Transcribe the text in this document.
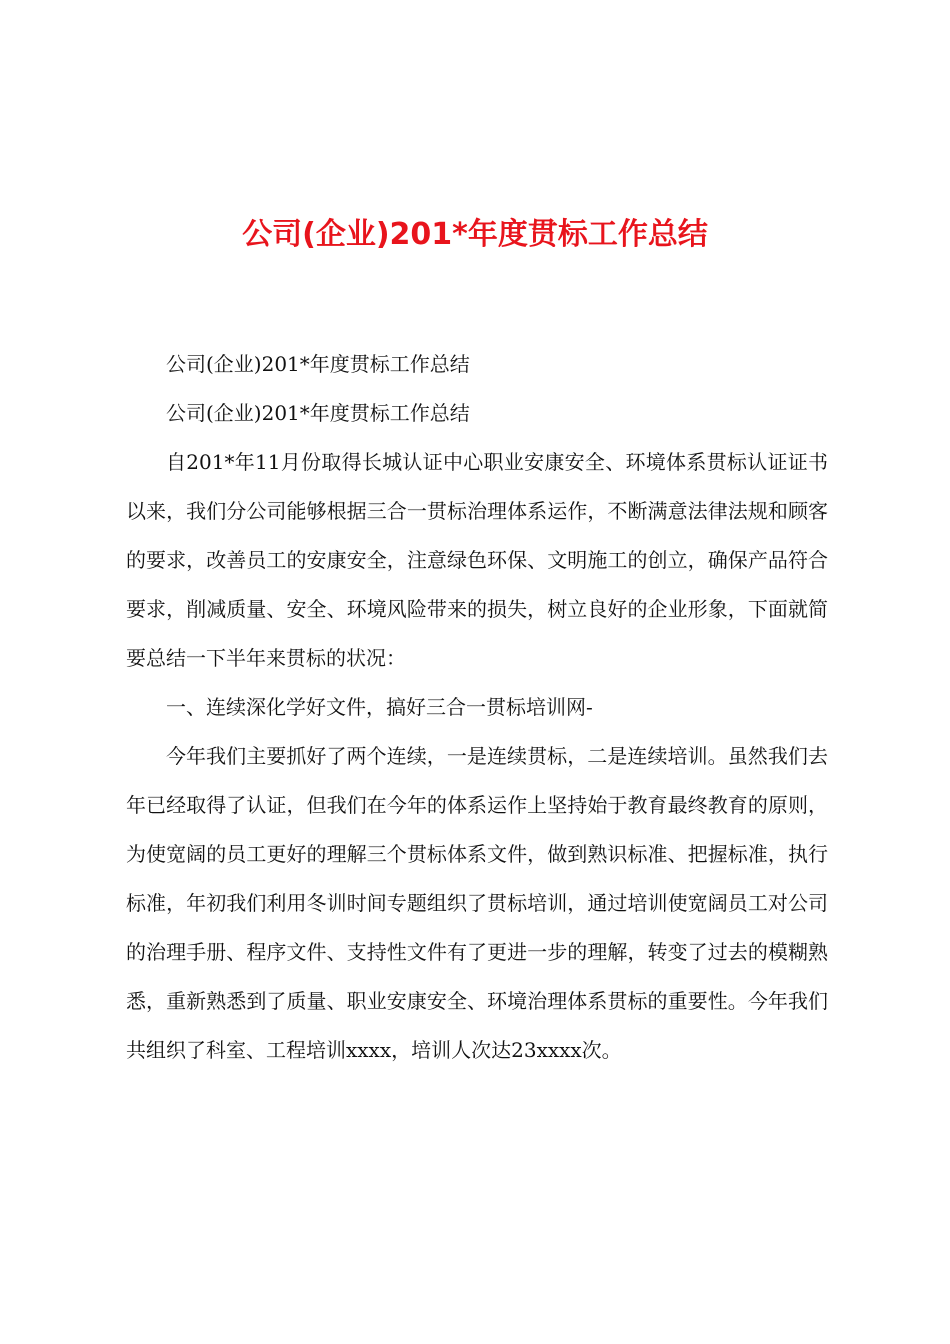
公司(企业)201*年度贯标工作总结

公司(企业)201*年度贯标工作总结

公司(企业)201*年度贯标工作总结

自201*年11月份取得长城认证中心职业安康安全、环境体系贯标认证证书以来，我们分公司能够根据三合一贯标治理体系运作，不断满意法律法规和顾客的要求，改善员工的安康安全，注意绿色环保、文明施工的创立，确保产品符合要求，削减质量、安全、环境风险带来的损失，树立良好的企业形象，下面就简要总结一下半年来贯标的状况：

一、连续深化学好文件，搞好三合一贯标培训网-

今年我们主要抓好了两个连续，一是连续贯标，二是连续培训。虽然我们去年已经取得了认证，但我们在今年的体系运作上坚持始于教育最终教育的原则，为使宽阔的员工更好的理解三个贯标体系文件，做到熟识标准、把握标准，执行标准，年初我们利用冬训时间专题组织了贯标培训，通过培训使宽阔员工对公司的治理手册、程序文件、支持性文件有了更进一步的理解，转变了过去的模糊熟悉，重新熟悉到了质量、职业安康安全、环境治理体系贯标的重要性。今年我们共组织了科室、工程培训xxxx，培训人次达23xxxx次。
